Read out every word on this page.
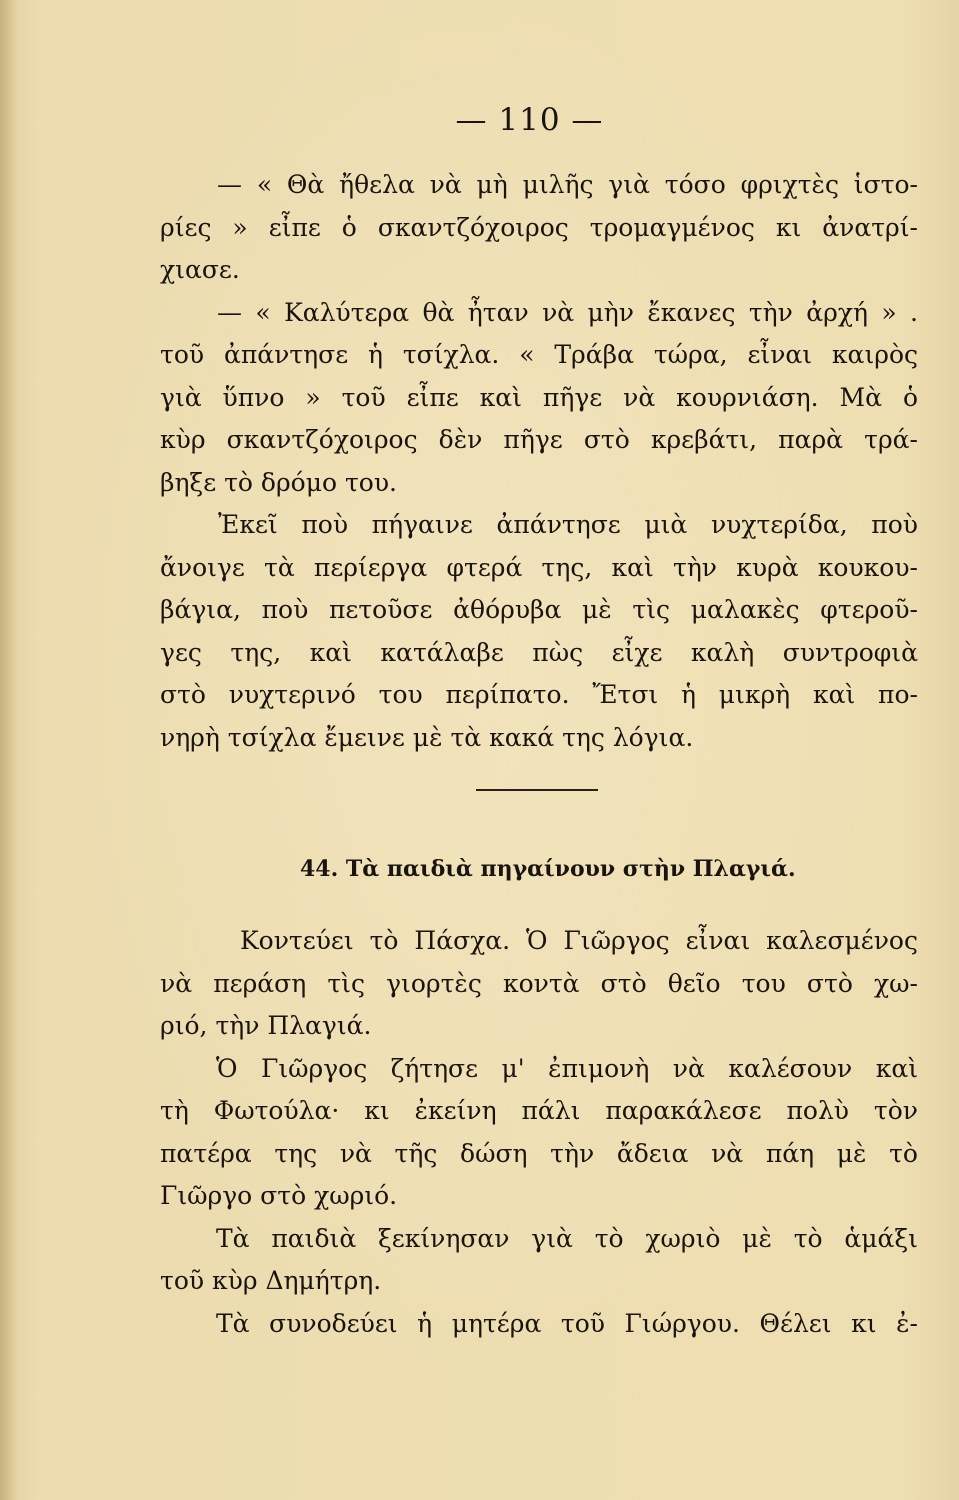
— 110 —
— « Θὰ ἤθελα νὰ μὴ μιλῆς γιὰ τόσο φριχτὲς ἱστο-
ρίες » εἶπε ὁ σκαντζόχοιρος τρομαγμένος κι ἀνατρί-
χιασε.
— « Καλύτερα θὰ ἦταν νὰ μὴν ἔκανες τὴν ἀρχή » .
τοῦ ἀπάντησε ἡ τσίχλα. « Τράβα τώρα, εἶναι καιρὸς
γιὰ ὕπνο » τοῦ εἶπε καὶ πῆγε νὰ κουρνιάση. Μὰ ὁ
κὺρ σκαντζόχοιρος δὲν πῆγε στὸ κρεβάτι, παρὰ τρά-
βηξε τὸ δρόμο του.
Ἐκεῖ ποὺ πήγαινε ἀπάντησε μιὰ νυχτερίδα, ποὺ
ἄνοιγε τὰ περίεργα φτερά της, καὶ τὴν κυρὰ κουκου-
βάγια, ποὺ πετοῦσε ἀθόρυβα μὲ τὶς μαλακὲς φτεροῦ-
γες της, καὶ κατάλαβε πὼς εἶχε καλὴ συντροφιὰ
στὸ νυχτερινό του περίπατο. Ἔτσι ἡ μικρὴ καὶ πο-
νηρὴ τσίχλα ἔμεινε μὲ τὰ κακά της λόγια.
44. Τὰ παιδιὰ πηγαίνουν στὴν Πλαγιά.
Κοντεύει τὸ Πάσχα. Ὁ Γιῶργος εἶναι καλεσμένος
νὰ περάση τὶς γιορτὲς κοντὰ στὸ θεῖο του στὸ χω-
ριό, τὴν Πλαγιά.
Ὁ Γιῶργος ζήτησε μ' ἐπιμονὴ νὰ καλέσουν καὶ
τὴ Φωτούλα· κι ἐκείνη πάλι παρακάλεσε πολὺ τὸν
πατέρα της νὰ τῆς δώση τὴν ἄδεια νὰ πάη μὲ τὸ
Γιῶργο στὸ χωριό.
Τὰ παιδιὰ ξεκίνησαν γιὰ τὸ χωριὸ μὲ τὸ ἁμάξι
τοῦ κὺρ Δημήτρη.
Τὰ συνοδεύει ἡ μητέρα τοῦ Γιώργου. Θέλει κι ἐ-
